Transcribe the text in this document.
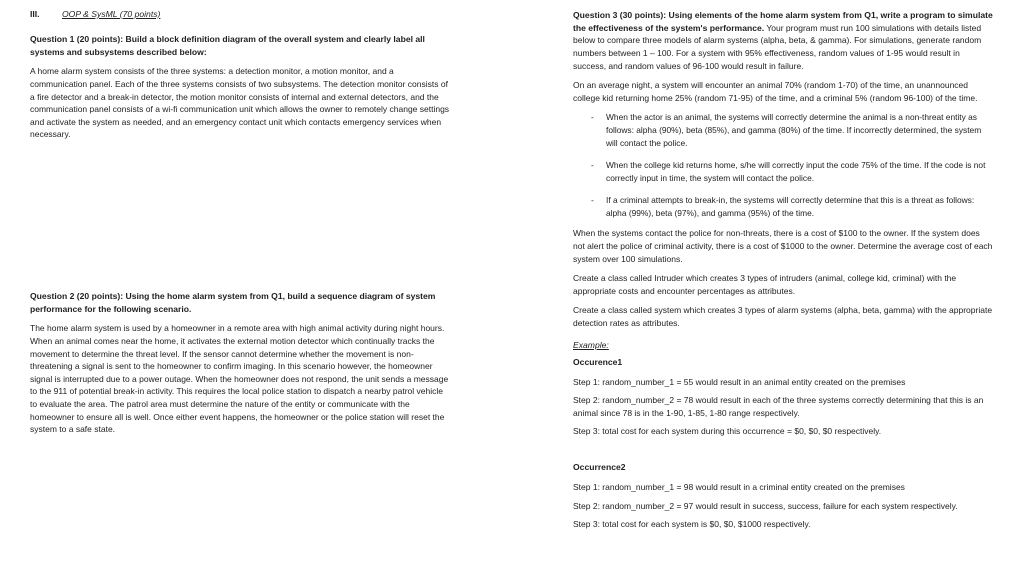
III.	OOP & SysML (70 points)

Question 1 (20 points): Build a block definition diagram of the overall system and clearly label all systems and subsystems described below:

A home alarm system consists of the three systems: a detection monitor, a motion monitor, and a communication panel. Each of the three systems consists of two subsystems. The detection monitor consists of a fire detector and a break-in detector, the motion monitor consists of internal and external detectors, and the communication panel consists of a wi-fi communication unit which allows the owner to remotely change settings and activate the system as needed, and an emergency contact unit which contacts emergency services when necessary.

Question 2 (20 points): Using the home alarm system from Q1, build a sequence diagram of system performance for the following scenario.

The home alarm system is used by a homeowner in a remote area with high animal activity during night hours. When an animal comes near the home, it activates the external motion detector which continually tracks the movement to determine the threat level. If the sensor cannot determine whether the movement is non-threatening a signal is sent to the homeowner to confirm imaging. In this scenario however, the homeowner signal is interrupted due to a power outage. When the homeowner does not respond, the unit sends a message to the 911 of potential break-in activity. This requires the local police station to dispatch a nearby patrol vehicle to evaluate the area. The patrol area must determine the nature of the entity or communicate with the homeowner to ensure all is well. Once either event happens, the homeowner or the police station will reset the system to a safe state.

Question 3 (30 points): Using elements of the home alarm system from Q1, write a program to simulate the effectiveness of the system's performance. Your program must run 100 simulations with details listed below to compare three models of alarm systems (alpha, beta, & gamma). For simulations, generate random numbers between 1 – 100. For a system with 95% effectiveness, random values of 1-95 would result in success, and random values of 96-100 would result in failure.

On an average night, a system will encounter an animal 70% (random 1-70) of the time, an unannounced college kid returning home 25% (random 71-95) of the time, and a criminal 5% (random 96-100) of the time.

- When the actor is an animal, the systems will correctly determine the animal is a non-threat entity as follows: alpha (90%), beta (85%), and gamma (80%) of the time. If incorrectly determined, the system will contact the police.
- When the college kid returns home, s/he will correctly input the code 75% of the time. If the code is not correctly input in time, the system will contact the police.
- If a criminal attempts to break-in, the systems will correctly determine that this is a threat as follows: alpha (99%), beta (97%), and gamma (95%) of the time.

When the systems contact the police for non-threats, there is a cost of $100 to the owner. If the system does not alert the police of criminal activity, there is a cost of $1000 to the owner. Determine the average cost of each system over 100 simulations.

Create a class called Intruder which creates 3 types of intruders (animal, college kid, criminal) with the appropriate costs and encounter percentages as attributes.

Create a class called system which creates 3 types of alarm systems (alpha, beta, gamma) with the appropriate detection rates as attributes.

Example:

Occurence1

Step 1: random_number_1 = 55 would result in an animal entity created on the premises

Step 2: random_number_2 = 78 would result in each of the three systems correctly determining that this is an animal since 78 is in the 1-90, 1-85, 1-80 range respectively.

Step 3: total cost for each system during this occurrence = $0, $0, $0 respectively.

Occurrence2

Step 1: random_number_1 = 98 would result in a criminal entity created on the premises

Step 2: random_number_2 = 97 would result in success, success, failure for each system respectively.

Step 3: total cost for each system is $0, $0, $1000 respectively.
